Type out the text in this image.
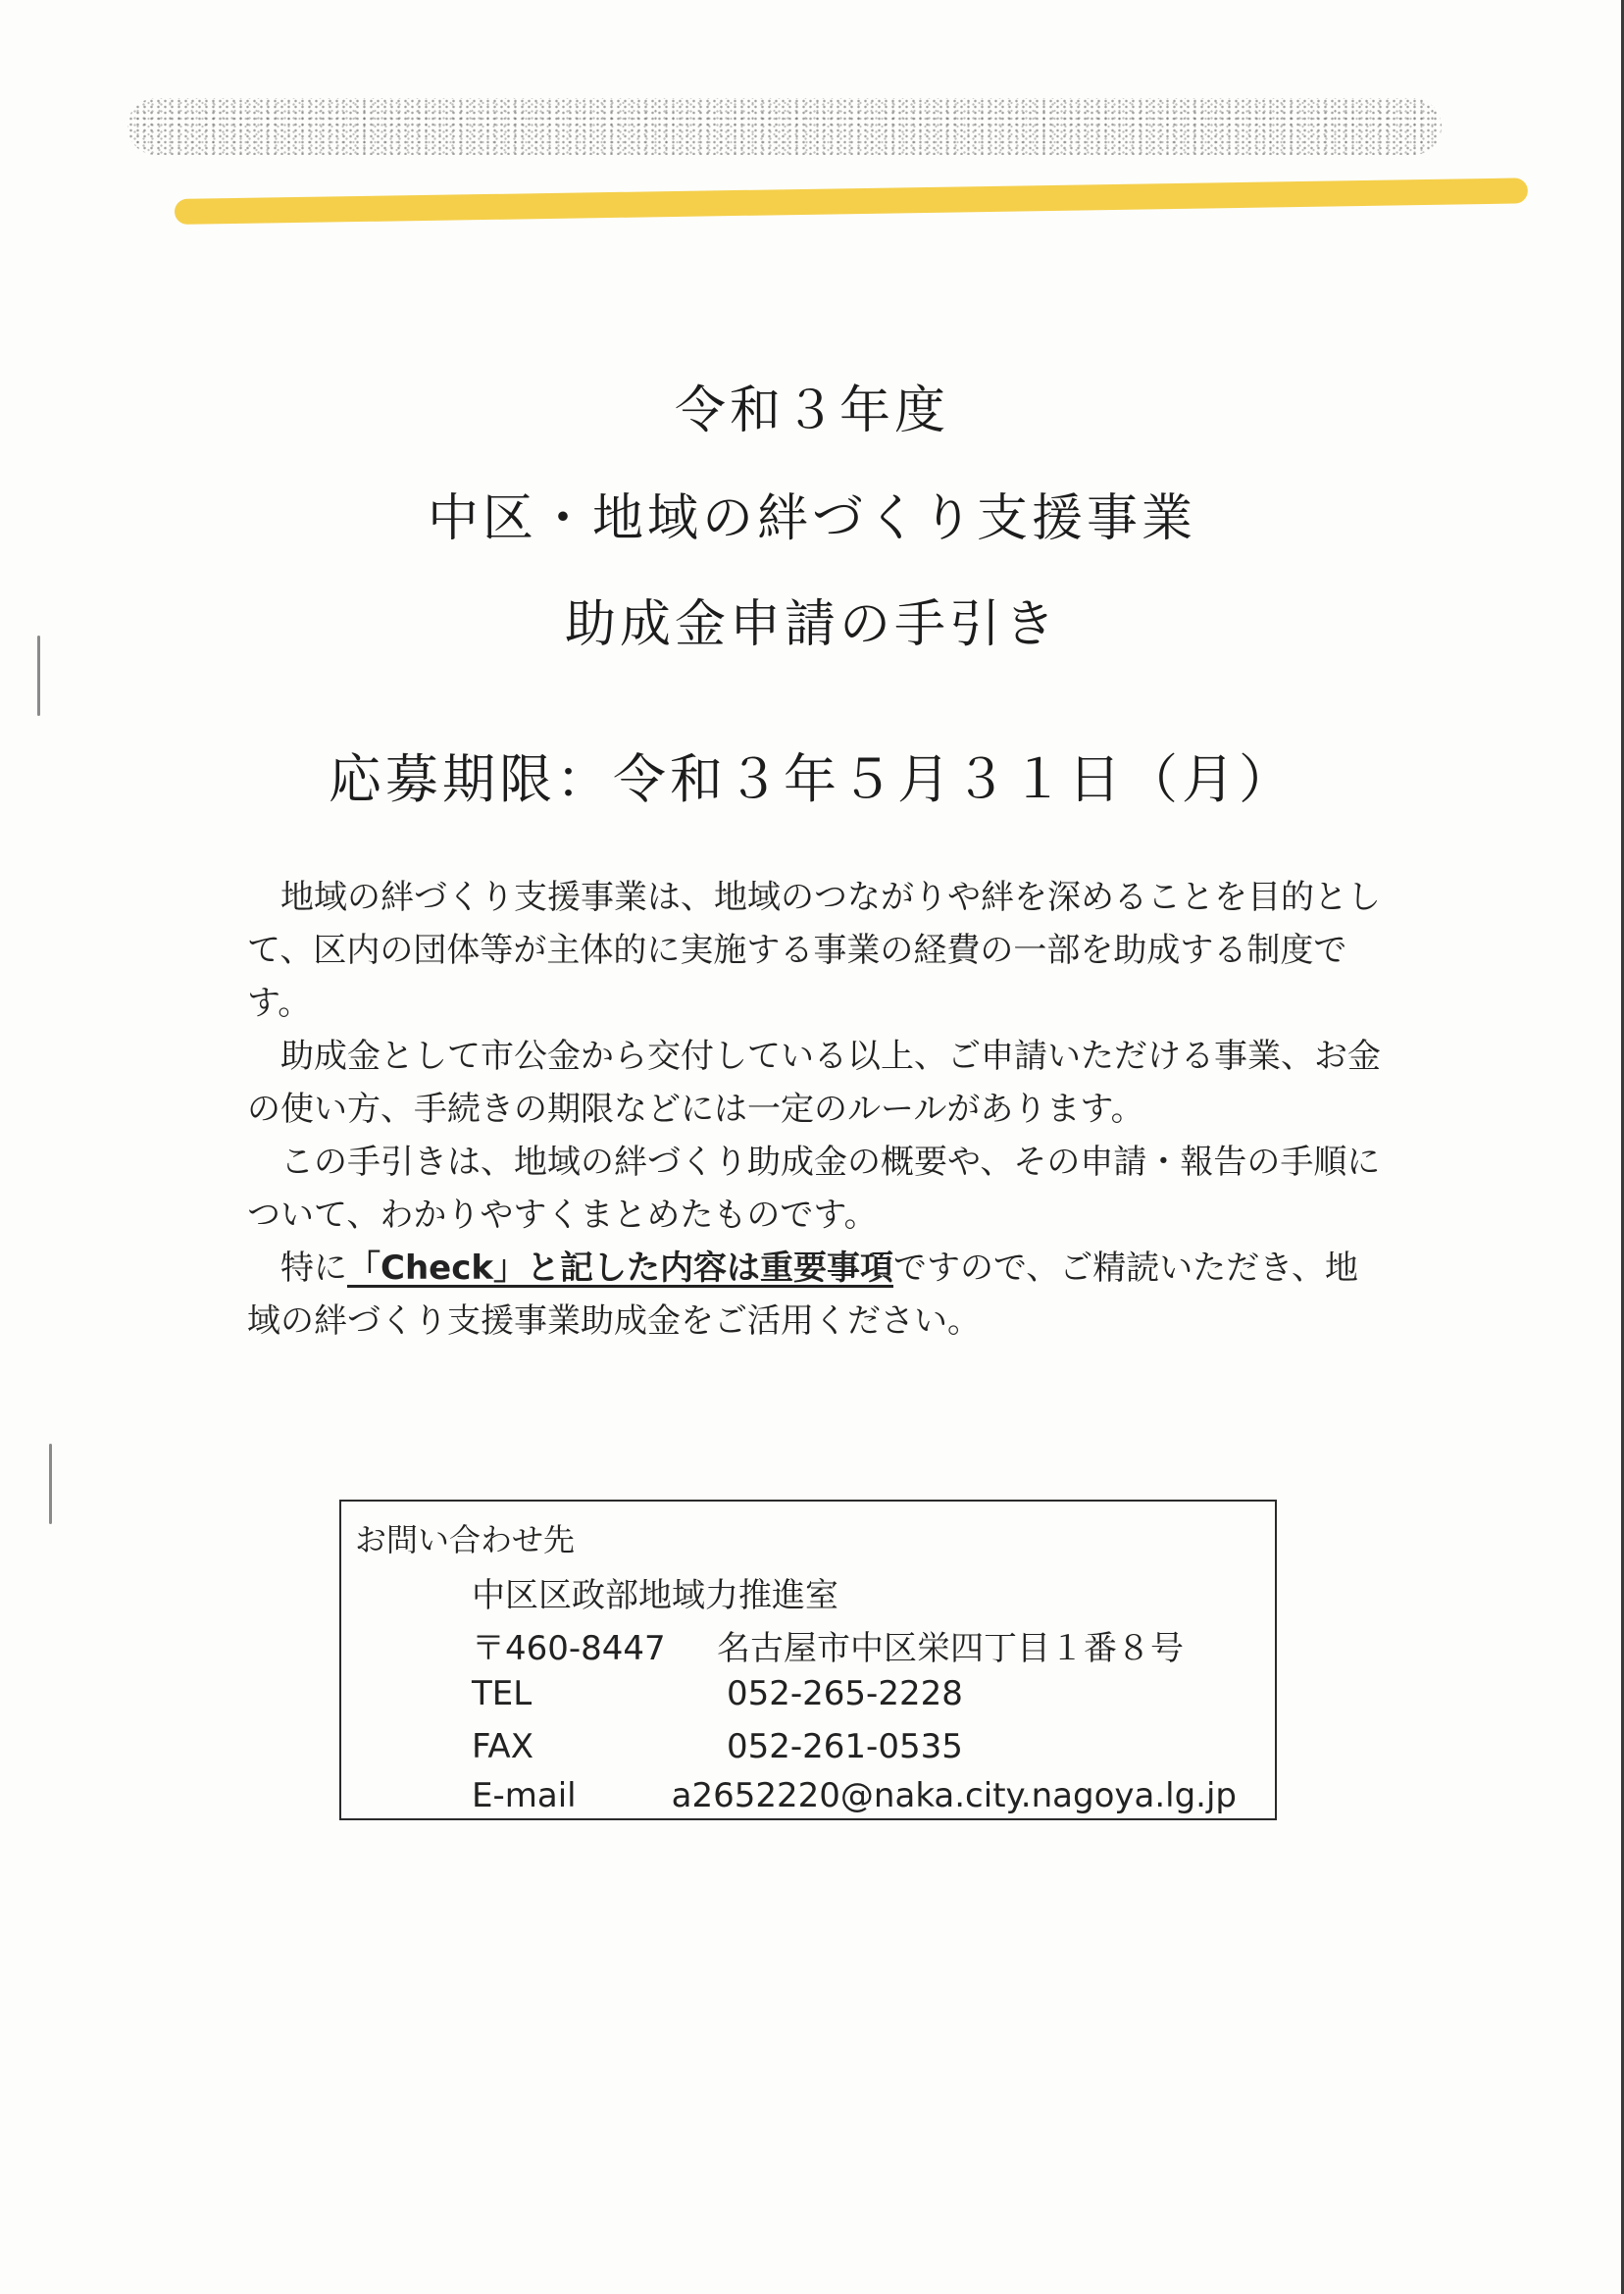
令和３年度
中区・地域の絆づくり支援事業
助成金申請の手引き
応募期限：令和３年５月３１日（月）

地域の絆づくり支援事業は、地域のつながりや絆を深めることを目的として、区内の団体等が主体的に実施する事業の経費の一部を助成する制度です。

助成金として市公金から交付している以上、ご申請いただける事業、お金の使い方、手続きの期限などには一定のルールがあります。

この手引きは、地域の絆づくり助成金の概要や、その申請・報告の手順について、わかりやすくまとめたものです。

特に「Check」と記した内容は重要事項ですので、ご精読いただき、地域の絆づくり支援事業助成金をご活用ください。

お問い合わせ先
中区区政部地域力推進室
〒460-8447	名古屋市中区栄四丁目１番８号
TEL	052-265-2228
FAX	052-261-0535
E-mail	a2652220@naka.city.nagoya.lg.jp
